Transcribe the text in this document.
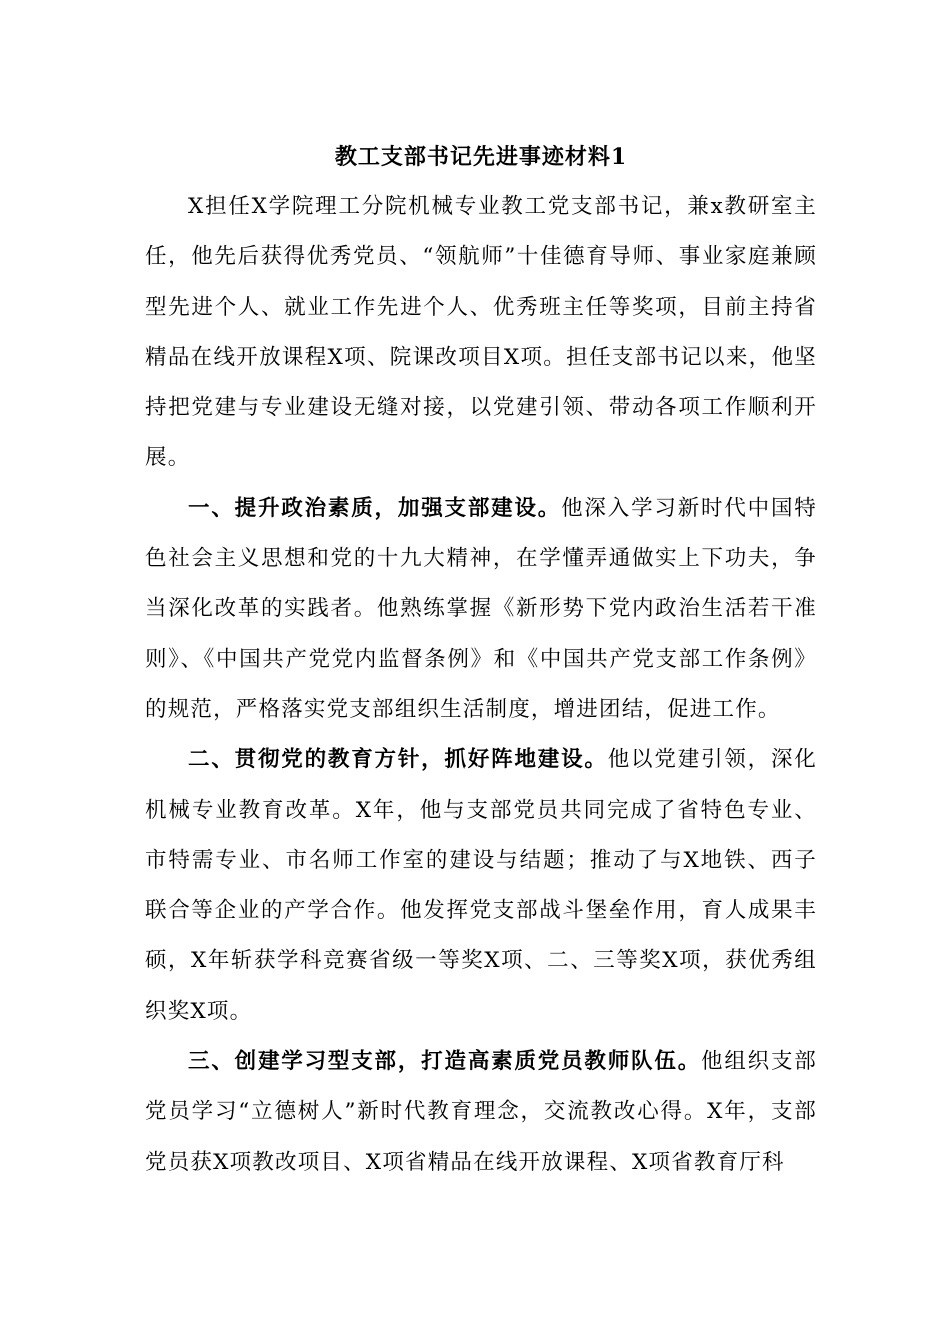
教工支部书记先进事迹材料1

X担任X学院理工分院机械专业教工党支部书记，兼x教研室主任，他先后获得优秀党员、“领航师”十佳德育导师、事业家庭兼顾型先进个人、就业工作先进个人、优秀班主任等奖项，目前主持省精品在线开放课程X项、院课改项目X项。担任支部书记以来，他坚持把党建与专业建设无缝对接，以党建引领、带动各项工作顺利开展。

一、提升政治素质，加强支部建设。他深入学习新时代中国特色社会主义思想和党的十九大精神，在学懂弄通做实上下功夫，争当深化改革的实践者。他熟练掌握《新形势下党内政治生活若干准则》、《中国共产党党内监督条例》和《中国共产党支部工作条例》的规范，严格落实党支部组织生活制度，增进团结，促进工作。

二、贯彻党的教育方针，抓好阵地建设。他以党建引领，深化机械专业教育改革。X年，他与支部党员共同完成了省特色专业、市特需专业、市名师工作室的建设与结题；推动了与X地铁、西子联合等企业的产学合作。他发挥党支部战斗堡垒作用，育人成果丰硕，X年斩获学科竞赛省级一等奖X项、二、三等奖X项，获优秀组织奖X项。

三、创建学习型支部，打造高素质党员教师队伍。他组织支部党员学习“立德树人”新时代教育理念，交流教改心得。X年，支部党员获X项教改项目、X项省精品在线开放课程、X项省教育厅科
